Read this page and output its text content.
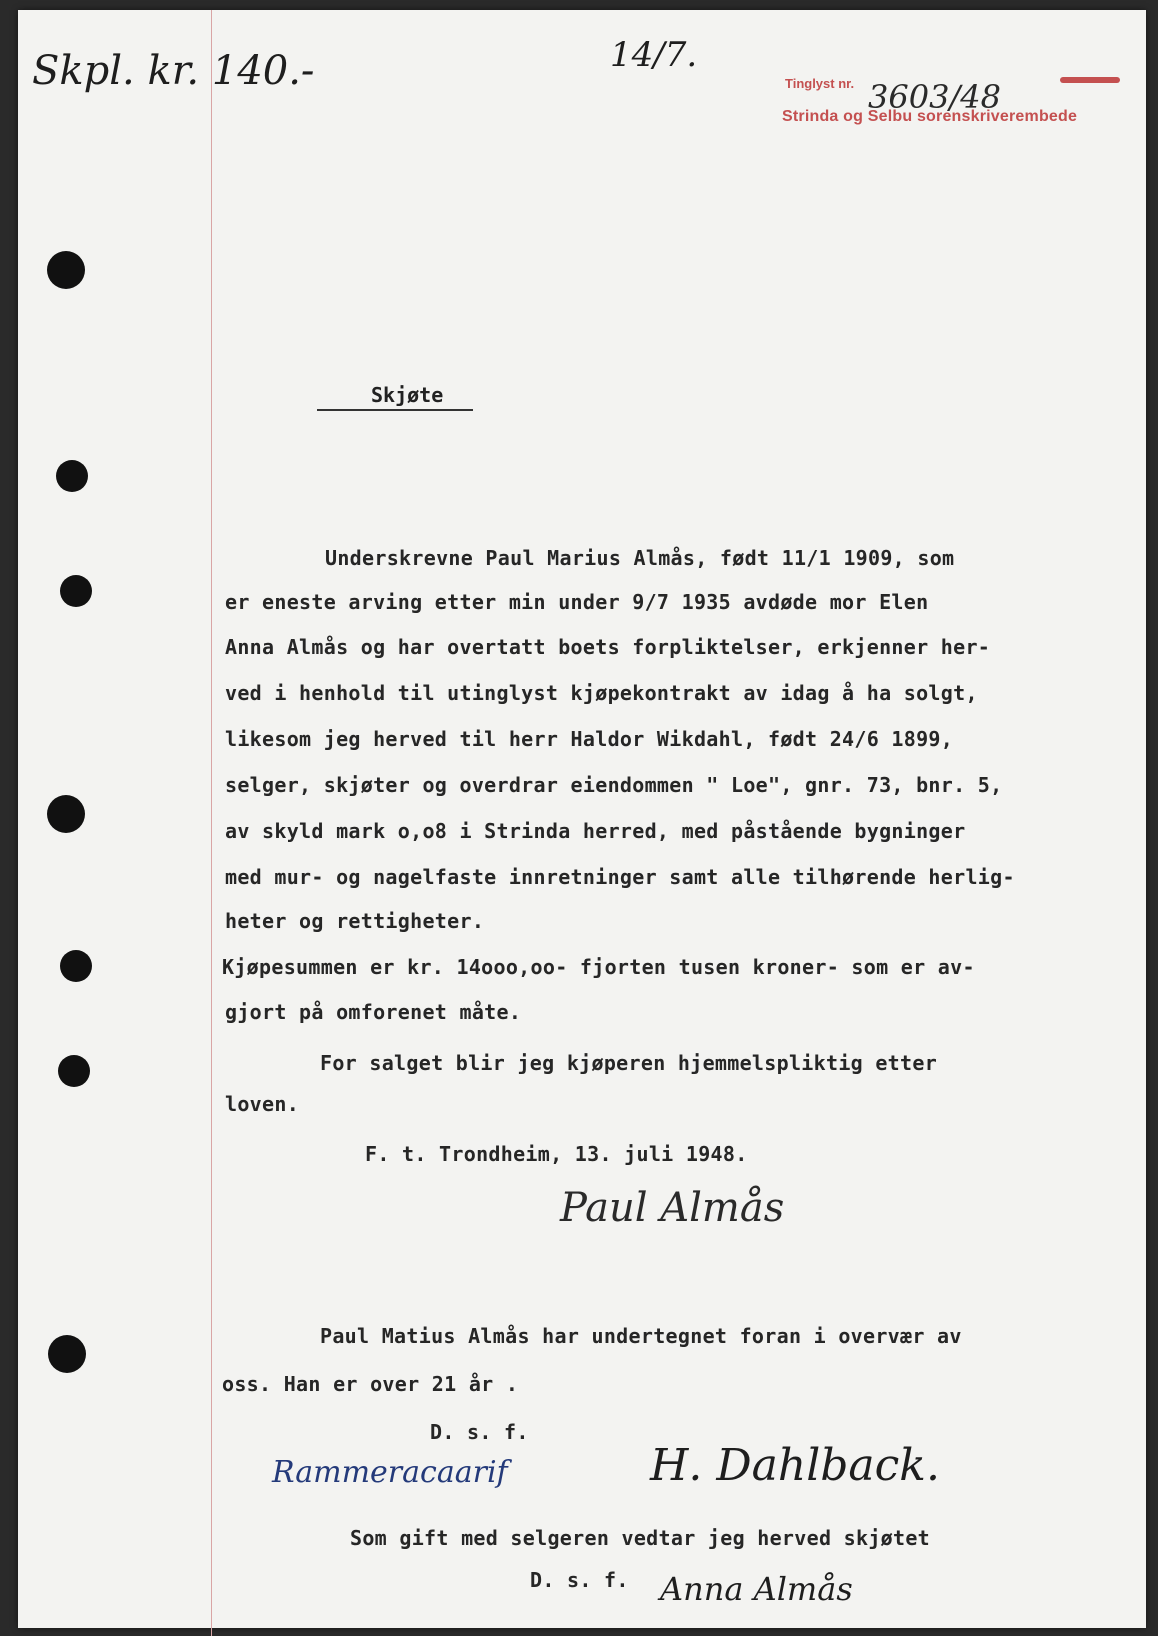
Skpl. kr. 140.-	14/7.
Tinglyst nr. 3603/48
Strinda og Selbu sorenskriverembede
Skjøte
Underskrevne Paul Marius Almås, født 11/1 1909, som
er eneste arving etter min under 9/7 1935 avdøde mor Elen
Anna Almås og har overtatt boets forpliktelser, erkjenner her-
ved i henhold til utinglyst kjøpekontrakt av idag å ha solgt,
likesom jeg herved til herr Haldor Wikdahl, født 24/6 1899,
selger, skjøter og overdrar eiendommen " Loe", gnr. 73, bnr. 5,
av skyld mark o,o8 i Strinda herred, med påstående bygninger
med mur- og nagelfaste innretninger samt alle tilhørende herlig-
heter og rettigheter.
Kjøpesummen er kr. 14ooo,oo- fjorten tusen kroner- som er av-
gjort på omforenet måte.
For salget blir jeg kjøperen hjemmelspliktig etter
loven.
F. t. Trondheim, 13. juli 1948.
Paul Almås
Paul Matius Almås har undertegnet foran i overvær av
oss. Han er over 21 år .
D. s. f.
Rammeracaarif	H. Dahlback.
Som gift med selgeren vedtar jeg herved skjøtet
D. s. f. Anna Almås
